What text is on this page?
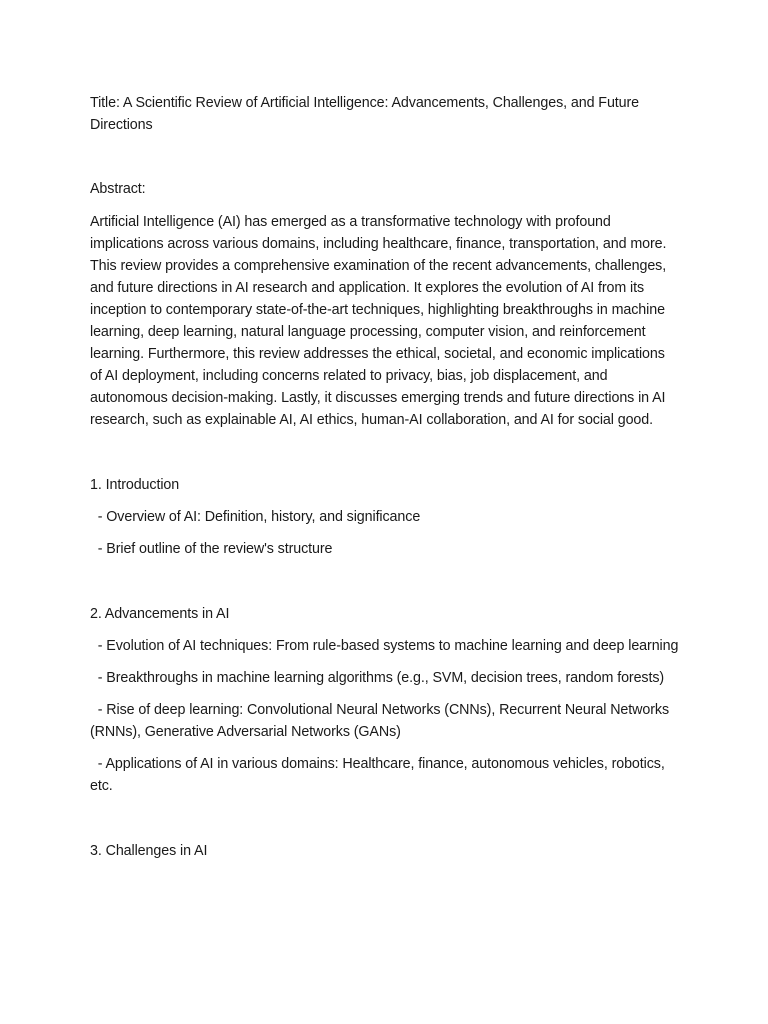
Title: A Scientific Review of Artificial Intelligence: Advancements, Challenges, and Future Directions

Abstract:

Artificial Intelligence (AI) has emerged as a transformative technology with profound implications across various domains, including healthcare, finance, transportation, and more. This review provides a comprehensive examination of the recent advancements, challenges, and future directions in AI research and application. It explores the evolution of AI from its inception to contemporary state-of-the-art techniques, highlighting breakthroughs in machine learning, deep learning, natural language processing, computer vision, and reinforcement learning. Furthermore, this review addresses the ethical, societal, and economic implications of AI deployment, including concerns related to privacy, bias, job displacement, and autonomous decision-making. Lastly, it discusses emerging trends and future directions in AI research, such as explainable AI, AI ethics, human-AI collaboration, and AI for social good.

1. Introduction

- Overview of AI: Definition, history, and significance

- Brief outline of the review's structure

2. Advancements in AI

- Evolution of AI techniques: From rule-based systems to machine learning and deep learning

- Breakthroughs in machine learning algorithms (e.g., SVM, decision trees, random forests)

- Rise of deep learning: Convolutional Neural Networks (CNNs), Recurrent Neural Networks (RNNs), Generative Adversarial Networks (GANs)

- Applications of AI in various domains: Healthcare, finance, autonomous vehicles, robotics, etc.

3. Challenges in AI
